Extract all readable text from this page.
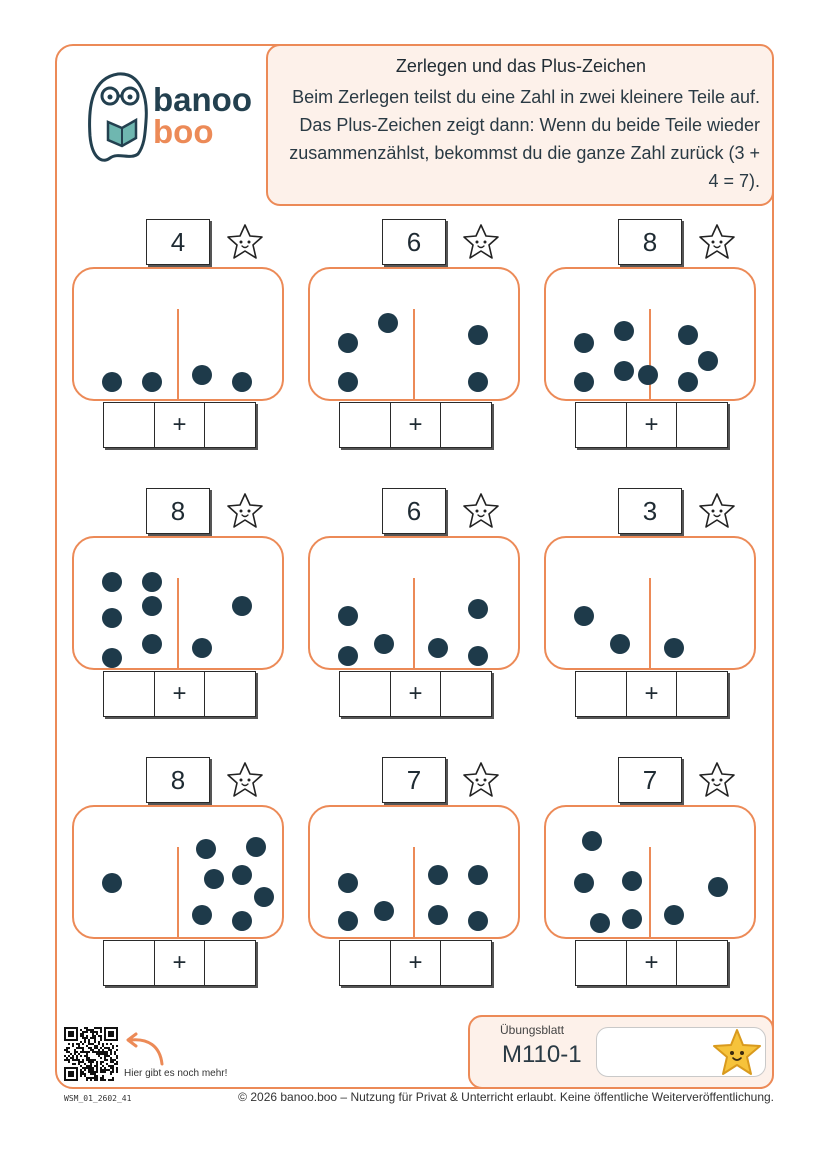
banoo
boo
Zerlegen und das Plus-Zeichen

Beim Zerlegen teilst du eine Zahl in zwei kleinere Teile auf. Das Plus-Zeichen zeigt dann: Wenn du beide Teile wieder zusammenzählst, bekommst du die ganze Zahl zurück (3 + 4 = 7).

4
+
6
+
8
+
8
+
6
+
3
+
8
+
7
+
7
+
Hier gibt es noch mehr!
Übungsblatt
M110-1
WSM_01_2602_41	© 2026 banoo.boo – Nutzung für Privat & Unterricht erlaubt. Keine öffentliche Weiterveröffentlichung.
